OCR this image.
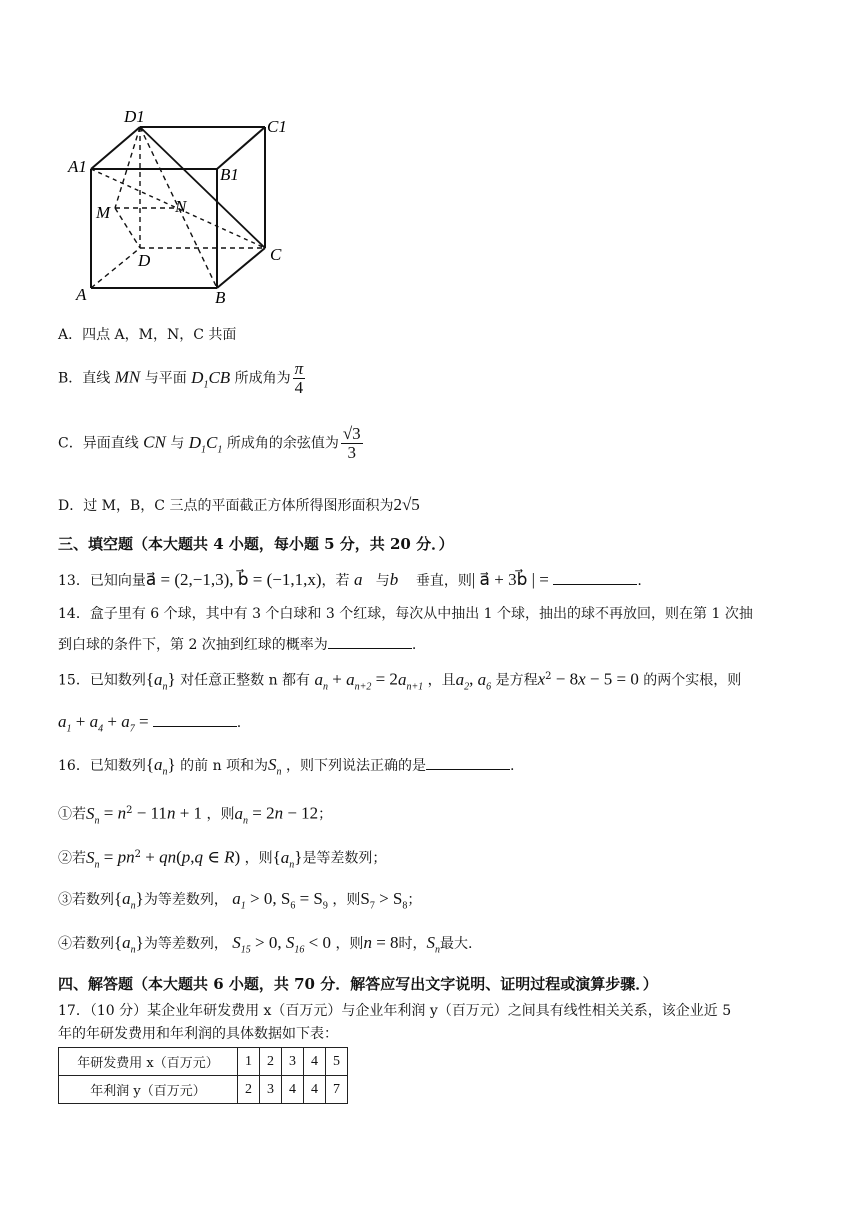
D1
C1
A1	B1
M	N
D	C
A	B
A．四点 A，M，N，C 共面
B．直线 MN 与平面 $D_1CB$ 所成角为 $\frac{\pi}{4}$
C．异面直线 CN 与 $D_1C_1$ 所成角的余弦值为 $\frac{√3}{3}$
D．过 M，B，C 三点的平面截正方体所得图形面积为2√5
三、填空题（本大题共 4 小题，每小题 5 分，共 20 分．）
13．已知向量a⃗ = (2,−1,3), b⃗ = (−1,1,x)，若 a⃗与b⃗ 垂直，则| a⃗ + 3b⃗ | =	.
14．盒子里有 6 个球，其中有 3 个白球和 3 个红球，每次从中抽出 1 个球，抽出的球不再放回，则在第 1 次抽
到白球的条件下，第 2 次抽到红球的概率为	.
15．已知数列$\{a_n\}$ 对任意正整数 n 都有 $a_n + a_{n+2} = 2a_{n+1}$ ，且$a_2$, $a_6$ 是方程$x^2 - 8x - 5 = 0$ 的两个实根，则
$a_1 + a_4 + a_7$ =	.
16．已知数列$\{a_n\}$ 的前 n 项和为$S_n$ ，则下列说法正确的是	.
①若$S_n = n^2 - 11n + 1$ ，则$a_n = 2n - 12$；
②若$S_n = pn^2 + qn(p,q$ ∈ R) ，则$\{a_n\}$是等差数列；
③若数列$\{a_n\}$为等差数列， $a_1 > 0$, $S_6 = S_9$ ，则$S_7 > S_8$；
④若数列$\{a_n\}$为等差数列， $S_{15} > 0$, $S_{16} < 0$ ，则n = 8时，$S_n$最大.
四、解答题（本大题共 6 小题，共 70 分．解答应写出文字说明、证明过程或演算步骤．）
17．（10 分）某企业年研发费用 x（百万元）与企业年利润 y（百万元）之间具有线性相关关系，该企业近 5
年的年研发费用和年利润的具体数据如下表：
年研发费用 x（百万元）	1	2	3	4	5
年利润 y（百万元）	2	3	4	4	7
